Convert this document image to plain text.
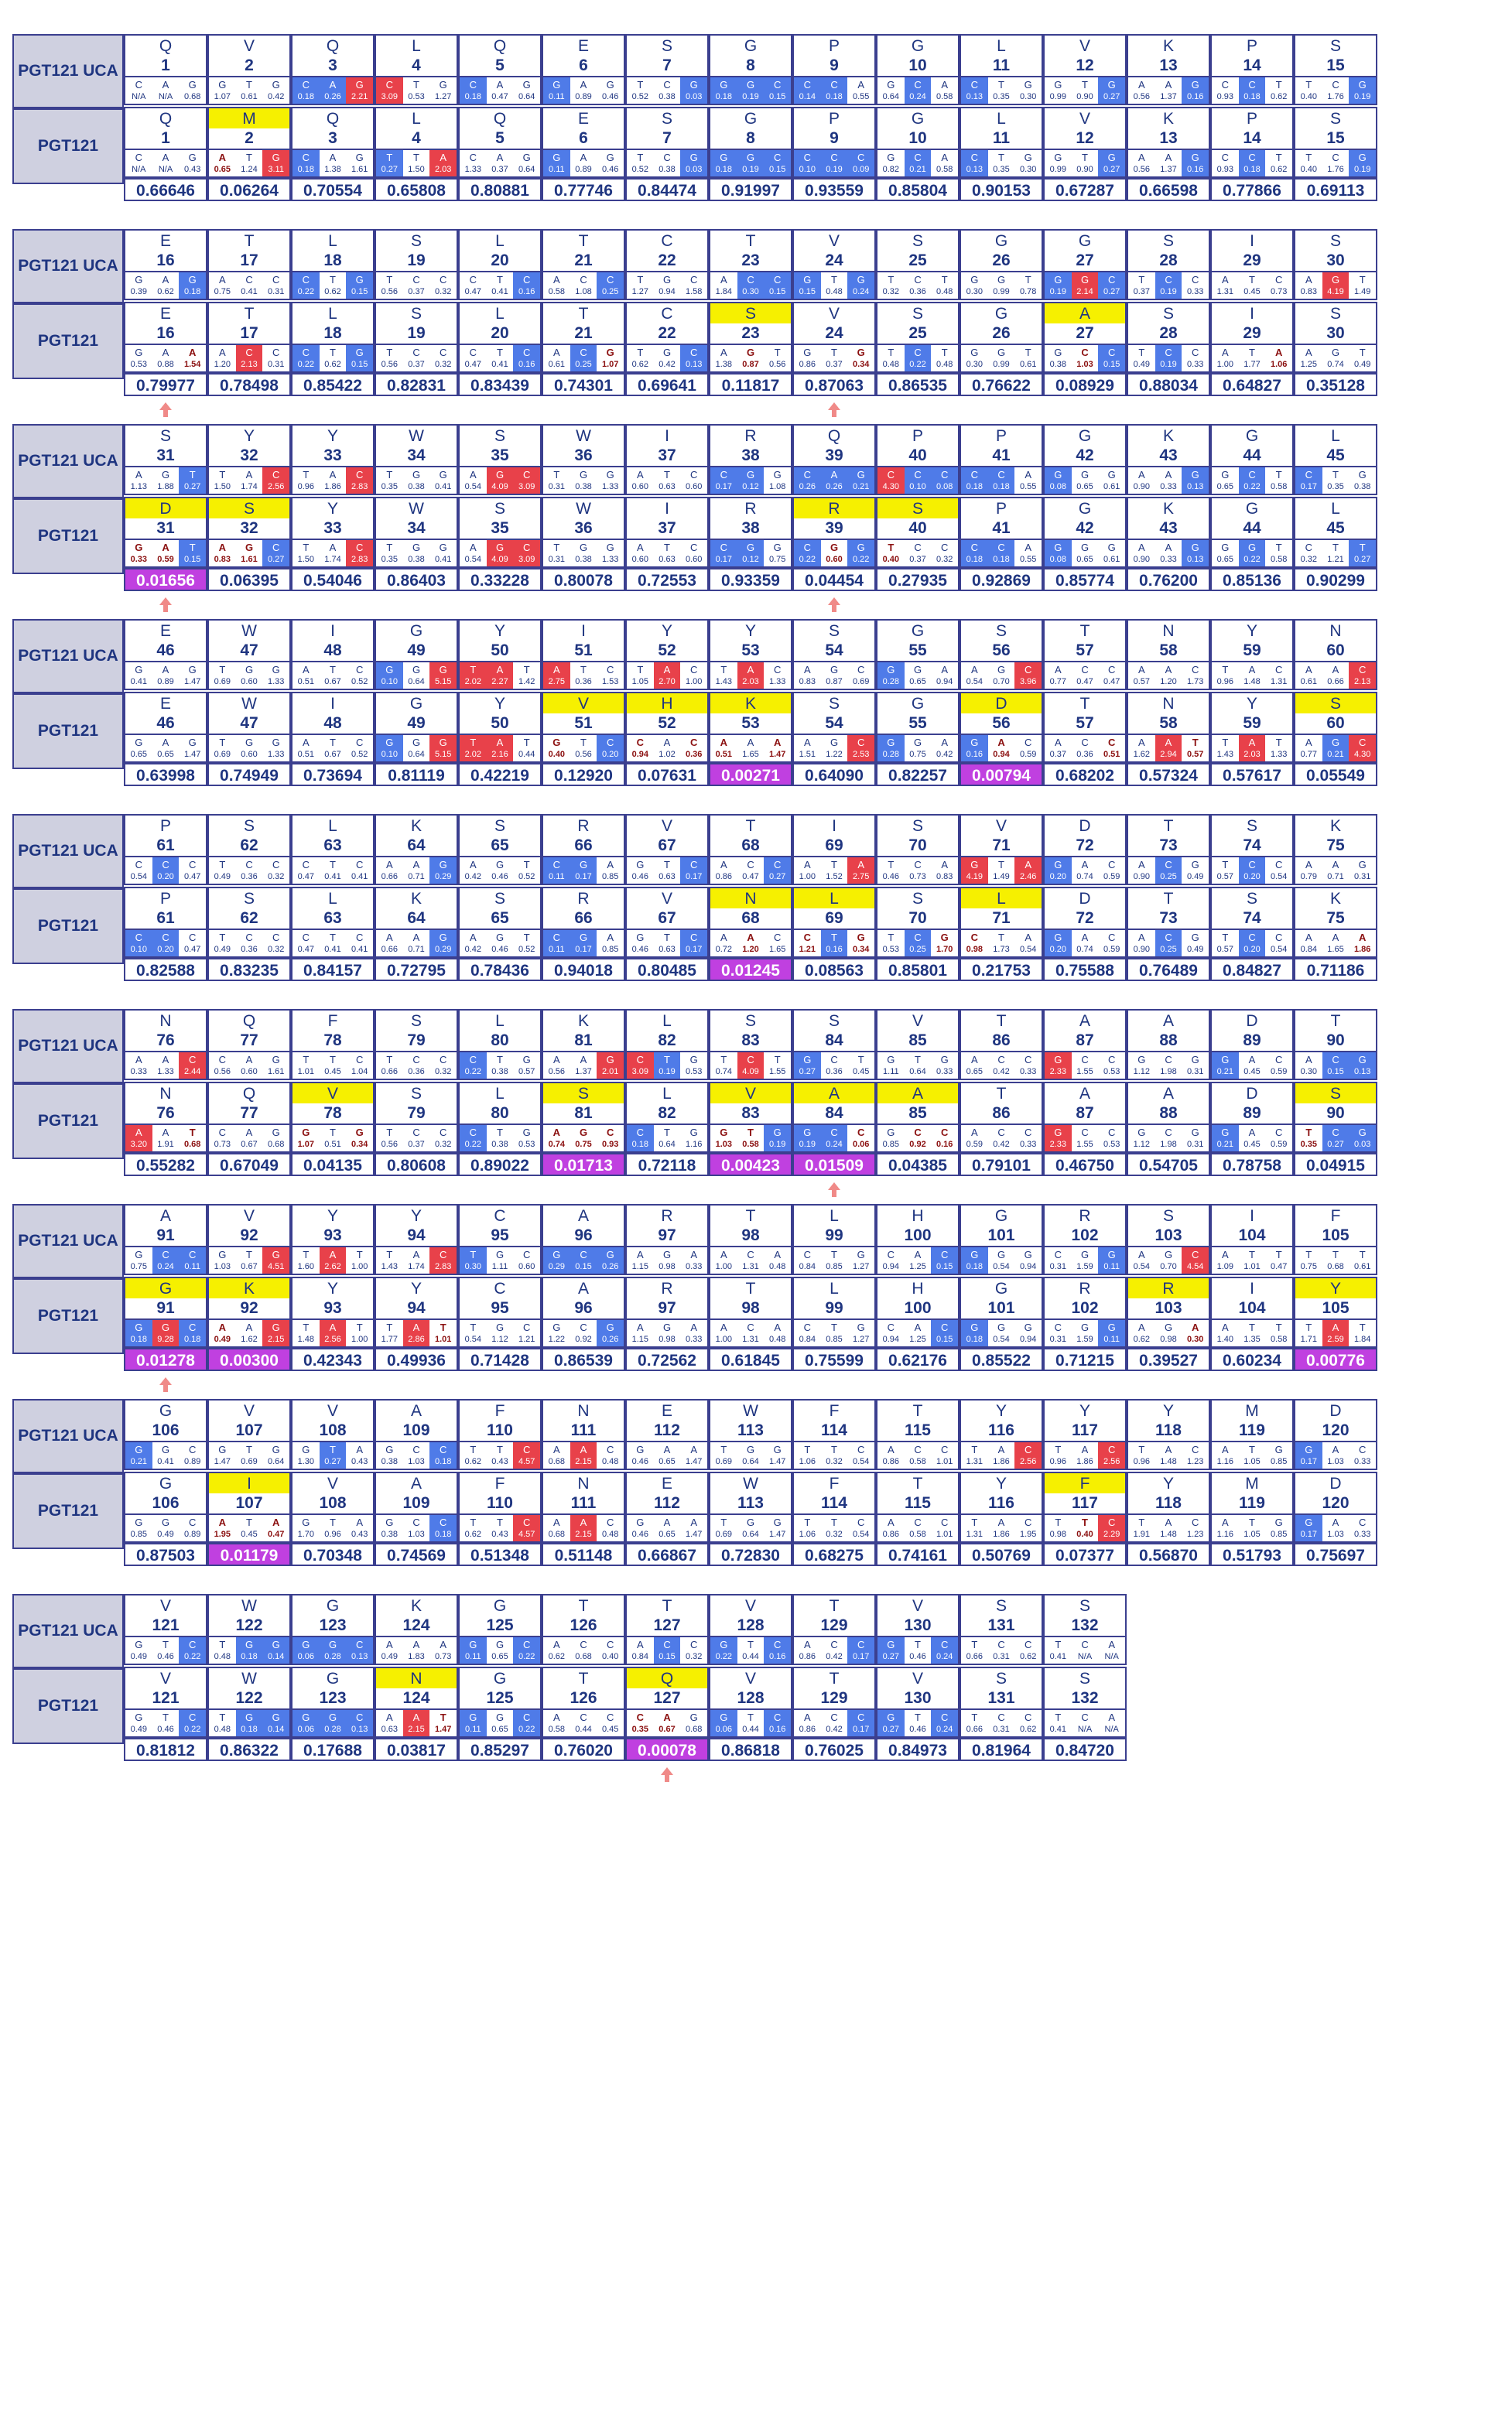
PGT121 UCA
PGT121
Q
1
C
N/A
A
N/A
G
0.68
Q
1
C
N/A
A
N/A
G
0.43
0.66646
V
2
G
1.07
T
0.61
G
0.42
M
2
A
0.65
T
1.24
G
3.11
0.06264
Q
3
C
0.18
A
0.26
G
2.21
Q
3
C
0.18
A
1.38
G
1.61
0.70554
L
4
C
3.09
T
0.53
G
1.27
L
4
T
0.27
T
1.50
A
2.03
0.65808
Q
5
C
0.18
A
0.47
G
0.64
Q
5
C
1.33
A
0.37
G
0.64
0.80881
E
6
G
0.11
A
0.89
G
0.46
E
6
G
0.11
A
0.89
G
0.46
0.77746
S
7
T
0.52
C
0.38
G
0.03
S
7
T
0.52
C
0.38
G
0.03
0.84474
G
8
G
0.18
G
0.19
C
0.15
G
8
G
0.18
G
0.19
C
0.15
0.91997
P
9
C
0.14
C
0.18
A
0.55
P
9
C
0.10
C
0.19
C
0.09
0.93559
G
10
G
0.64
C
0.24
A
0.58
G
10
G
0.82
C
0.21
A
0.58
0.85804
L
11
C
0.13
T
0.35
G
0.30
L
11
C
0.13
T
0.35
G
0.30
0.90153
V
12
G
0.99
T
0.90
G
0.27
V
12
G
0.99
T
0.90
G
0.27
0.67287
K
13
A
0.56
A
1.37
G
0.16
K
13
A
0.56
A
1.37
G
0.16
0.66598
P
14
C
0.93
C
0.18
T
0.62
P
14
C
0.93
C
0.18
T
0.62
0.77866
S
15
T
0.40
C
1.76
G
0.19
S
15
T
0.40
C
1.76
G
0.19
0.69113
PGT121 UCA
PGT121
E
16
G
0.39
A
0.62
G
0.18
E
16
G
0.53
A
0.88
A
1.54
0.79977
T
17
A
0.75
C
0.41
C
0.31
T
17
A
1.20
C
2.13
C
0.31
0.78498
L
18
C
0.22
T
0.62
G
0.15
L
18
C
0.22
T
0.62
G
0.15
0.85422
S
19
T
0.56
C
0.37
C
0.32
S
19
T
0.56
C
0.37
C
0.32
0.82831
L
20
C
0.47
T
0.41
C
0.16
L
20
C
0.47
T
0.41
C
0.16
0.83439
T
21
A
0.58
C
1.08
C
0.25
T
21
A
0.61
C
0.25
G
1.07
0.74301
C
22
T
1.27
G
0.94
C
1.58
C
22
T
0.62
G
0.42
C
0.13
0.69641
T
23
A
1.84
C
0.30
C
0.15
S
23
A
1.38
G
0.87
T
0.56
0.11817
V
24
G
0.15
T
0.48
G
0.24
V
24
G
0.86
T
0.37
G
0.34
0.87063
S
25
T
0.32
C
0.36
T
0.48
S
25
T
0.48
C
0.22
T
0.48
0.86535
G
26
G
0.30
G
0.99
T
0.78
G
26
G
0.30
G
0.99
T
0.61
0.76622
G
27
G
0.19
G
2.14
C
0.27
A
27
G
0.38
C
1.03
C
0.15
0.08929
S
28
T
0.37
C
0.19
C
0.33
S
28
T
0.49
C
0.19
C
0.33
0.88034
I
29
A
1.31
T
0.45
C
0.73
I
29
A
1.00
T
1.77
A
1.06
0.64827
S
30
A
0.83
G
4.19
T
1.49
S
30
A
1.25
G
0.74
T
0.49
0.35128
PGT121 UCA
PGT121
S
31
A
1.13
G
1.88
T
0.27
D
31
G
0.33
A
0.59
T
0.15
0.01656
Y
32
T
1.50
A
1.74
C
2.56
S
32
A
0.83
G
1.61
C
0.27
0.06395
Y
33
T
0.96
A
1.86
C
2.83
Y
33
T
1.50
A
1.74
C
2.83
0.54046
W
34
T
0.35
G
0.38
G
0.41
W
34
T
0.35
G
0.38
G
0.41
0.86403
S
35
A
0.54
G
4.09
C
3.09
S
35
A
0.54
G
4.09
C
3.09
0.33228
W
36
T
0.31
G
0.38
G
1.33
W
36
T
0.31
G
0.38
G
1.33
0.80078
I
37
A
0.60
T
0.63
C
0.60
I
37
A
0.60
T
0.63
C
0.60
0.72553
R
38
C
0.17
G
0.12
G
1.08
R
38
C
0.17
G
0.12
G
0.75
0.93359
Q
39
C
0.26
A
0.26
G
0.21
R
39
C
0.22
G
0.60
G
0.22
0.04454
P
40
C
4.30
C
0.10
C
0.08
S
40
T
0.40
C
0.37
C
0.32
0.27935
P
41
C
0.18
C
0.18
A
0.55
P
41
C
0.18
C
0.18
A
0.55
0.92869
G
42
G
0.08
G
0.65
G
0.61
G
42
G
0.08
G
0.65
G
0.61
0.85774
K
43
A
0.90
A
0.33
G
0.13
K
43
A
0.90
A
0.33
G
0.13
0.76200
G
44
G
0.65
C
0.22
T
0.58
G
44
G
0.65
G
0.22
T
0.58
0.85136
L
45
C
0.17
T
0.35
G
0.38
L
45
C
0.32
T
1.21
T
0.27
0.90299
PGT121 UCA
PGT121
E
46
G
0.41
A
0.89
G
1.47
E
46
G
0.65
A
0.65
G
1.47
0.63998
W
47
T
0.69
G
0.60
G
1.33
W
47
T
0.69
G
0.60
G
1.33
0.74949
I
48
A
0.51
T
0.67
C
0.52
I
48
A
0.51
T
0.67
C
0.52
0.73694
G
49
G
0.10
G
0.64
G
5.15
G
49
G
0.10
G
0.64
G
5.15
0.81119
Y
50
T
2.02
A
2.27
T
1.42
Y
50
T
2.02
A
2.16
T
0.44
0.42219
I
51
A
2.75
T
0.36
C
1.53
V
51
G
0.40
T
0.56
C
0.20
0.12920
Y
52
T
1.05
A
2.70
C
1.00
H
52
C
0.94
A
1.02
C
0.36
0.07631
Y
53
T
1.43
A
2.03
C
1.33
K
53
A
0.51
A
1.65
A
1.47
0.00271
S
54
A
0.83
G
0.87
C
0.69
S
54
A
1.51
G
1.22
C
2.53
0.64090
G
55
G
0.28
G
0.65
A
0.94
G
55
G
0.28
G
0.75
A
0.42
0.82257
S
56
A
0.54
G
0.70
C
3.96
D
56
G
0.16
A
0.94
C
0.59
0.00794
T
57
A
0.77
C
0.47
C
0.47
T
57
A
0.37
C
0.36
C
0.51
0.68202
N
58
A
0.57
A
1.20
C
1.73
N
58
A
1.62
A
2.94
T
0.57
0.57324
Y
59
T
0.96
A
1.48
C
1.31
Y
59
T
1.43
A
2.03
T
1.33
0.57617
N
60
A
0.61
A
0.66
C
2.13
S
60
A
0.77
G
0.21
C
4.30
0.05549
PGT121 UCA
PGT121
P
61
C
0.54
C
0.20
C
0.47
P
61
C
0.10
C
0.20
C
0.47
0.82588
S
62
T
0.49
C
0.36
C
0.32
S
62
T
0.49
C
0.36
C
0.32
0.83235
L
63
C
0.47
T
0.41
C
0.41
L
63
C
0.47
T
0.41
C
0.41
0.84157
K
64
A
0.66
A
0.71
G
0.29
K
64
A
0.66
A
0.71
G
0.29
0.72795
S
65
A
0.42
G
0.46
T
0.52
S
65
A
0.42
G
0.46
T
0.52
0.78436
R
66
C
0.11
G
0.17
A
0.85
R
66
C
0.11
G
0.17
A
0.85
0.94018
V
67
G
0.46
T
0.63
C
0.17
V
67
G
0.46
T
0.63
C
0.17
0.80485
T
68
A
0.86
C
0.47
C
0.27
N
68
A
0.72
A
1.20
C
1.65
0.01245
I
69
A
1.00
T
1.52
A
2.75
L
69
C
1.21
T
0.16
G
0.34
0.08563
S
70
T
0.46
C
0.73
A
0.83
S
70
T
0.53
C
0.25
G
1.70
0.85801
V
71
G
4.19
T
1.49
A
2.46
L
71
C
0.98
T
1.73
A
0.54
0.21753
D
72
G
0.20
A
0.74
C
0.59
D
72
G
0.20
A
0.74
C
0.59
0.75588
T
73
A
0.90
C
0.25
G
0.49
T
73
A
0.90
C
0.25
G
0.49
0.76489
S
74
T
0.57
C
0.20
C
0.54
S
74
T
0.57
C
0.20
C
0.54
0.84827
K
75
A
0.79
A
0.71
G
0.31
K
75
A
0.84
A
1.65
A
1.86
0.71186
PGT121 UCA
PGT121
N
76
A
0.33
A
1.33
C
2.44
N
76
A
3.20
A
1.91
T
0.68
0.55282
Q
77
C
0.56
A
0.60
G
1.61
Q
77
C
0.73
A
0.67
G
0.68
0.67049
F
78
T
1.01
T
0.45
C
1.04
V
78
G
1.07
T
0.51
G
0.34
0.04135
S
79
T
0.66
C
0.36
C
0.32
S
79
T
0.56
C
0.37
C
0.32
0.80608
L
80
C
0.22
T
0.38
G
0.57
L
80
C
0.22
T
0.38
G
0.53
0.89022
K
81
A
0.56
A
1.37
G
2.01
S
81
A
0.74
G
0.75
C
0.93
0.01713
L
82
C
3.09
T
0.19
G
0.53
L
82
C
0.18
T
0.64
G
1.16
0.72118
S
83
T
0.74
C
4.09
T
1.55
V
83
G
1.03
T
0.58
G
0.19
0.00423
S
84
G
0.27
C
0.36
T
0.45
A
84
G
0.19
C
0.24
C
0.06
0.01509
V
85
G
1.11
T
0.64
G
0.33
A
85
G
0.85
C
0.92
C
0.16
0.04385
T
86
A
0.65
C
0.42
C
0.33
T
86
A
0.59
C
0.42
C
0.33
0.79101
A
87
G
2.33
C
1.55
C
0.53
A
87
G
2.33
C
1.55
C
0.53
0.46750
A
88
G
1.12
C
1.98
G
0.31
A
88
G
1.12
C
1.98
G
0.31
0.54705
D
89
G
0.21
A
0.45
C
0.59
D
89
G
0.21
A
0.45
C
0.59
0.78758
T
90
A
0.30
C
0.15
G
0.13
S
90
T
0.35
C
0.27
G
0.03
0.04915
PGT121 UCA
PGT121
A
91
G
0.75
C
0.24
C
0.11
G
91
G
0.18
G
9.28
C
0.18
0.01278
V
92
G
1.03
T
0.67
G
4.51
K
92
A
0.49
A
1.62
G
2.15
0.00300
Y
93
T
1.60
A
2.62
T
1.00
Y
93
T
1.48
A
2.56
T
1.00
0.42343
Y
94
T
1.43
A
1.74
C
2.83
Y
94
T
1.77
A
2.86
T
1.01
0.49936
C
95
T
0.30
G
1.11
C
0.60
C
95
T
0.54
G
1.12
C
1.21
0.71428
A
96
G
0.29
C
0.15
G
0.26
A
96
G
1.22
C
0.92
G
0.26
0.86539
R
97
A
1.15
G
0.98
A
0.33
R
97
A
1.15
G
0.98
A
0.33
0.72562
T
98
A
1.00
C
1.31
A
0.48
T
98
A
1.00
C
1.31
A
0.48
0.61845
L
99
C
0.84
T
0.85
G
1.27
L
99
C
0.84
T
0.85
G
1.27
0.75599
H
100
C
0.94
A
1.25
C
0.15
H
100
C
0.94
A
1.25
C
0.15
0.62176
G
101
G
0.18
G
0.54
G
0.94
G
101
G
0.18
G
0.54
G
0.94
0.85522
R
102
C
0.31
G
1.59
G
0.11
R
102
C
0.31
G
1.59
G
0.11
0.71215
S
103
A
0.54
G
0.70
C
4.54
R
103
A
0.62
G
0.98
A
0.30
0.39527
I
104
A
1.09
T
1.01
T
0.47
I
104
A
1.40
T
1.35
T
0.58
0.60234
F
105
T
0.75
T
0.68
T
0.61
Y
105
T
1.71
A
2.59
T
1.84
0.00776
PGT121 UCA
PGT121
G
106
G
0.21
G
0.41
C
0.89
G
106
G
0.85
G
0.49
C
0.89
0.87503
V
107
G
1.47
T
0.69
G
0.64
I
107
A
1.95
T
0.45
A
0.47
0.01179
V
108
G
1.30
T
0.27
A
0.43
V
108
G
1.70
T
0.96
A
0.43
0.70348
A
109
G
0.38
C
1.03
C
0.18
A
109
G
0.38
C
1.03
C
0.18
0.74569
F
110
T
0.62
T
0.43
C
4.57
F
110
T
0.62
T
0.43
C
4.57
0.51348
N
111
A
0.68
A
2.15
C
0.48
N
111
A
0.68
A
2.15
C
0.48
0.51148
E
112
G
0.46
A
0.65
A
1.47
E
112
G
0.46
A
0.65
A
1.47
0.66867
W
113
T
0.69
G
0.64
G
1.47
W
113
T
0.69
G
0.64
G
1.47
0.72830
F
114
T
1.06
T
0.32
C
0.54
F
114
T
1.06
T
0.32
C
0.54
0.68275
T
115
A
0.86
C
0.58
C
1.01
T
115
A
0.86
C
0.58
C
1.01
0.74161
Y
116
T
1.31
A
1.86
C
2.56
Y
116
T
1.31
A
1.86
C
1.95
0.50769
Y
117
T
0.96
A
1.86
C
2.56
F
117
T
0.98
T
0.40
C
2.29
0.07377
Y
118
T
0.96
A
1.48
C
1.23
Y
118
T
1.91
A
1.48
C
1.23
0.56870
M
119
A
1.16
T
1.05
G
0.85
M
119
A
1.16
T
1.05
G
0.85
0.51793
D
120
G
0.17
A
1.03
C
0.33
D
120
G
0.17
A
1.03
C
0.33
0.75697
PGT121 UCA
PGT121
V
121
G
0.49
T
0.46
C
0.22
V
121
G
0.49
T
0.46
C
0.22
0.81812
W
122
T
0.48
G
0.18
G
0.14
W
122
T
0.48
G
0.18
G
0.14
0.86322
G
123
G
0.06
G
0.28
C
0.13
G
123
G
0.06
G
0.28
C
0.13
0.17688
K
124
A
0.49
A
1.83
A
0.73
N
124
A
0.63
A
2.15
T
1.47
0.03817
G
125
G
0.11
G
0.65
C
0.22
G
125
G
0.11
G
0.65
C
0.22
0.85297
T
126
A
0.62
C
0.68
C
0.40
T
126
A
0.58
C
0.44
C
0.45
0.76020
T
127
A
0.84
C
0.15
C
0.32
Q
127
C
0.35
A
0.67
G
0.68
0.00078
V
128
G
0.22
T
0.44
C
0.16
V
128
G
0.06
T
0.44
C
0.16
0.86818
T
129
A
0.86
C
0.42
C
0.17
T
129
A
0.86
C
0.42
C
0.17
0.76025
V
130
G
0.27
T
0.46
C
0.24
V
130
G
0.27
T
0.46
C
0.24
0.84973
S
131
T
0.66
C
0.31
C
0.62
S
131
T
0.66
C
0.31
C
0.62
0.81964
S
132
T
0.41
C
N/A
A
N/A
S
132
T
0.41
C
N/A
A
N/A
0.84720
